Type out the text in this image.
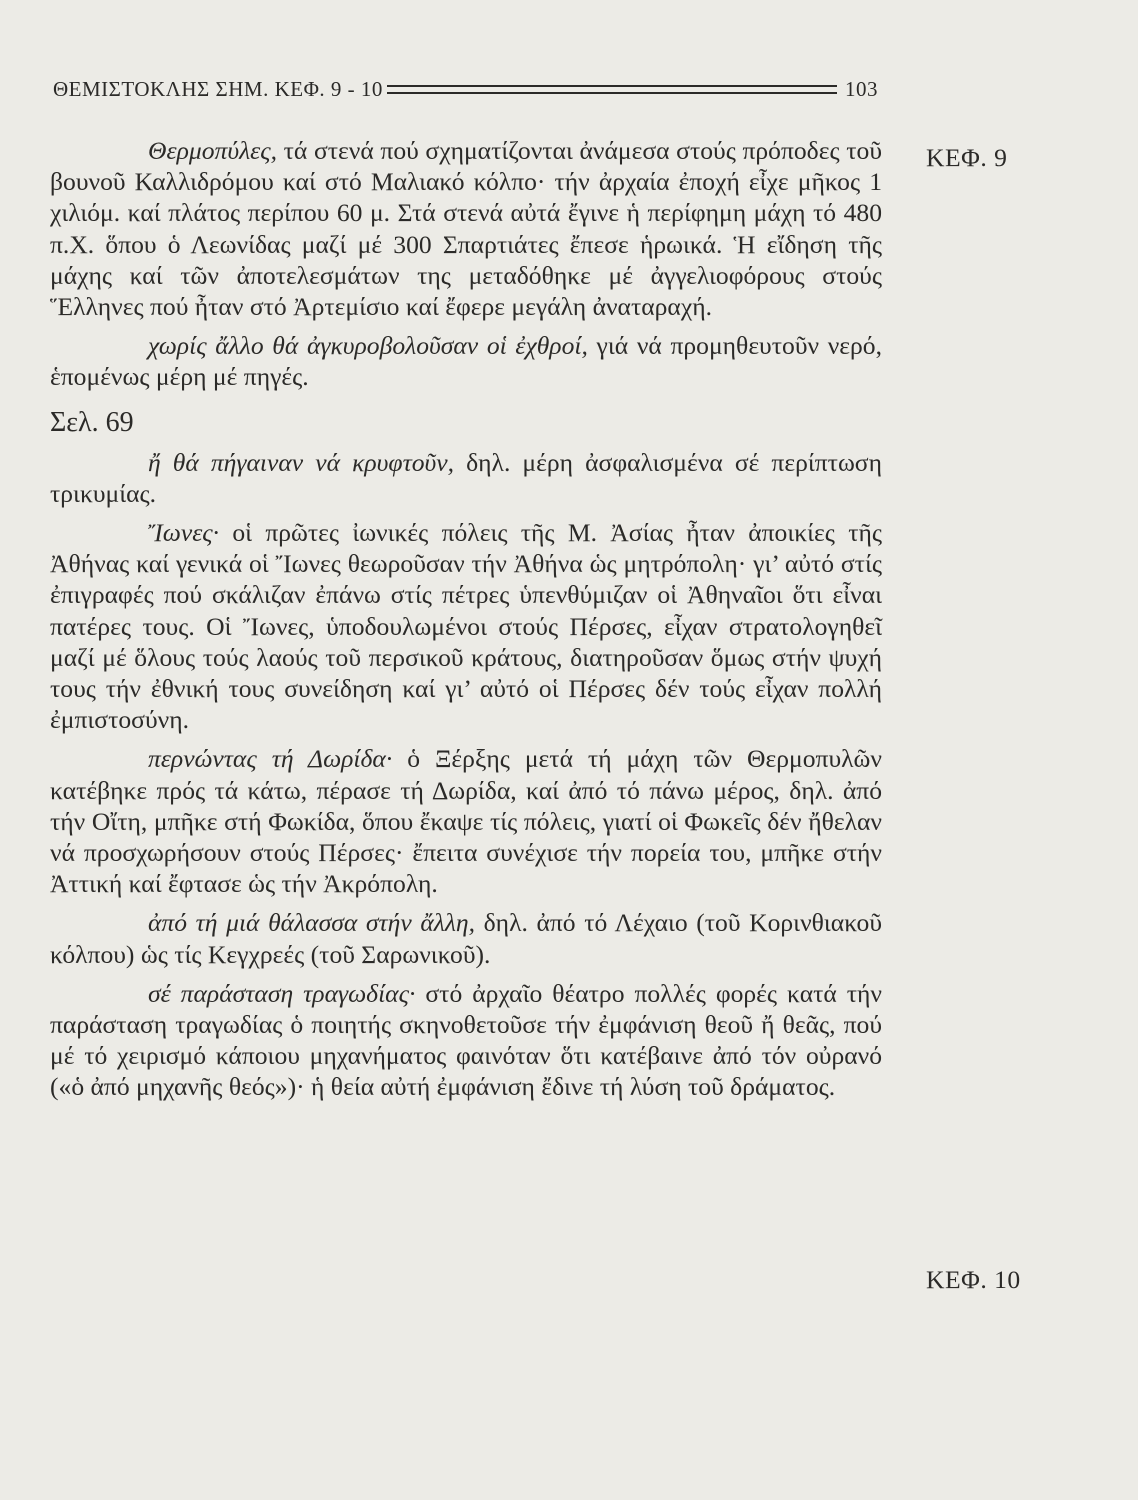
ΘΕΜΙΣΤΟΚΛΗΣ ΣΗΜ. ΚΕΦ. 9 - 10	103
ΚΕΦ. 9
ΚΕΦ. 10

Θερμοπύλες, τά στενά πού σχηματίζονται ἀνάμεσα στούς πρόποδες τοῦ βουνοῦ Καλλιδρόμου καί στό Μαλιακό κόλπο· τήν ἀρχαία ἐποχή εἶχε μῆκος 1 χιλιόμ. καί πλάτος περίπου 60 μ. Στά στενά αὐτά ἔγινε ἡ περίφημη μάχη τό 480 π.Χ. ὅπου ὁ Λεωνίδας μαζί μέ 300 Σπαρτιάτες ἔπεσε ἡρωικά. Ἡ εἴδηση τῆς μάχης καί τῶν ἀποτελεσμάτων της μεταδόθηκε μέ ἀγγελιοφόρους στούς Ἕλληνες πού ἦταν στό Ἀρτεμίσιο καί ἔφερε μεγάλη ἀναταραχή.

χωρίς ἄλλο θά ἀγκυροβολοῦσαν οἱ ἐχθροί, γιά νά προμηθευτοῦν νερό, ἑπομένως μέρη μέ πηγές.

Σελ. 69

ἤ θά πήγαιναν νά κρυφτοῦν, δηλ. μέρη ἀσφαλισμένα σέ περίπτωση τρικυμίας.

Ἴωνες· οἱ πρῶτες ἰωνικές πόλεις τῆς Μ. Ἀσίας ἦταν ἀποικίες τῆς Ἀθήνας καί γενικά οἱ Ἴωνες θεωροῦσαν τήν Ἀθήνα ὡς μητρόπολη· γι’ αὐτό στίς ἐπιγραφές πού σκάλιζαν ἐπάνω στίς πέτρες ὑπενθύμιζαν οἱ Ἀθηναῖοι ὅτι εἶναι πατέρες τους. Οἱ Ἴωνες, ὑποδουλωμένοι στούς Πέρσες, εἶχαν στρατολογηθεῖ μαζί μέ ὅλους τούς λαούς τοῦ περσικοῦ κράτους, διατηροῦσαν ὅμως στήν ψυχή τους τήν ἐθνική τους συνείδηση καί γι’ αὐτό οἱ Πέρσες δέν τούς εἶχαν πολλή ἐμπιστοσύνη.

περνώντας τή Δωρίδα· ὁ Ξέρξης μετά τή μάχη τῶν Θερμοπυλῶν κατέβηκε πρός τά κάτω, πέρασε τή Δωρίδα, καί ἀπό τό πάνω μέρος, δηλ. ἀπό τήν Οἴτη, μπῆκε στή Φωκίδα, ὅπου ἔκαψε τίς πόλεις, γιατί οἱ Φωκεῖς δέν ἤθελαν νά προσχωρήσουν στούς Πέρσες· ἔπειτα συνέχισε τήν πορεία του, μπῆκε στήν Ἀττική καί ἔφτασε ὡς τήν Ἀκρόπολη.

ἀπό τή μιά θάλασσα στήν ἄλλη, δηλ. ἀπό τό Λέχαιο (τοῦ Κορινθιακοῦ κόλπου) ὡς τίς Κεγχρεές (τοῦ Σαρωνικοῦ).

σέ παράσταση τραγωδίας· στό ἀρχαῖο θέατρο πολλές φορές κατά τήν παράσταση τραγωδίας ὁ ποιητής σκηνοθετοῦσε τήν ἐμφάνιση θεοῦ ἤ θεᾶς, πού μέ τό χειρισμό κάποιου μηχανήματος φαινόταν ὅτι κατέβαινε ἀπό τόν οὐρανό («ὁ ἀπό μηχανῆς θεός»)· ἡ θεία αὐτή ἐμφάνιση ἔδινε τή λύση τοῦ δράματος.
